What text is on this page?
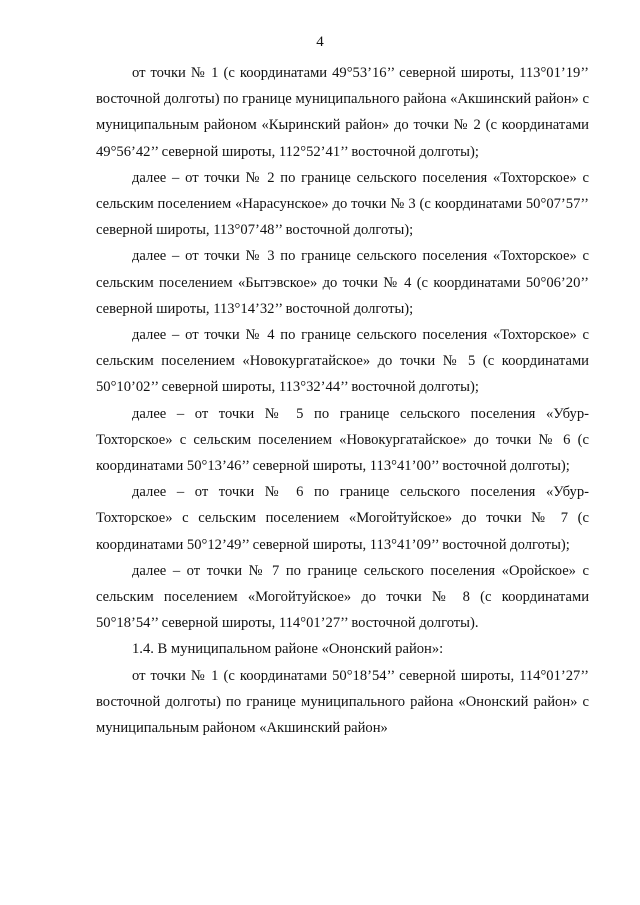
4

от точки № 1 (с координатами 49°53’16’’ северной широты, 113°01’19’’ восточной долготы) по границе муниципального района «Акшинский район» с муниципальным районом «Кыринский район» до точки № 2 (с координатами 49°56’42’’ северной широты, 112°52’41’’ восточной долготы);

далее – от точки № 2 по границе сельского поселения «Тохторское» с сельским поселением «Нарасунское» до точки № 3 (с координатами 50°07’57’’ северной широты, 113°07’48’’ восточной долготы);

далее – от точки № 3 по границе сельского поселения «Тохторское» с сельским поселением «Бытэвское» до точки № 4 (с координатами 50°06’20’’ северной широты, 113°14’32’’ восточной долготы);

далее – от точки № 4 по границе сельского поселения «Тохторское» с сельским поселением «Новокургатайское» до точки № 5 (с координатами 50°10’02’’ северной широты, 113°32’44’’ восточной долготы);

далее – от точки № 5 по границе сельского поселения «Убур-Тохторское» с сельским поселением «Новокургатайское» до точки № 6 (с координатами 50°13’46’’ северной широты, 113°41’00’’ восточной долготы);

далее – от точки № 6 по границе сельского поселения «Убур-Тохторское» с сельским поселением «Могойтуйское» до точки № 7 (с координатами 50°12’49’’ северной широты, 113°41’09’’ восточной долготы);

далее – от точки № 7 по границе сельского поселения «Оройское» с сельским поселением «Могойтуйское» до точки № 8 (с координатами 50°18’54’’ северной широты, 114°01’27’’ восточной долготы).

1.4. В муниципальном районе «Ононский район»:

от точки № 1 (с координатами 50°18’54’’ северной широты, 114°01’27’’ восточной долготы) по границе муниципального района «Ононский район» с муниципальным районом «Акшинский район»
